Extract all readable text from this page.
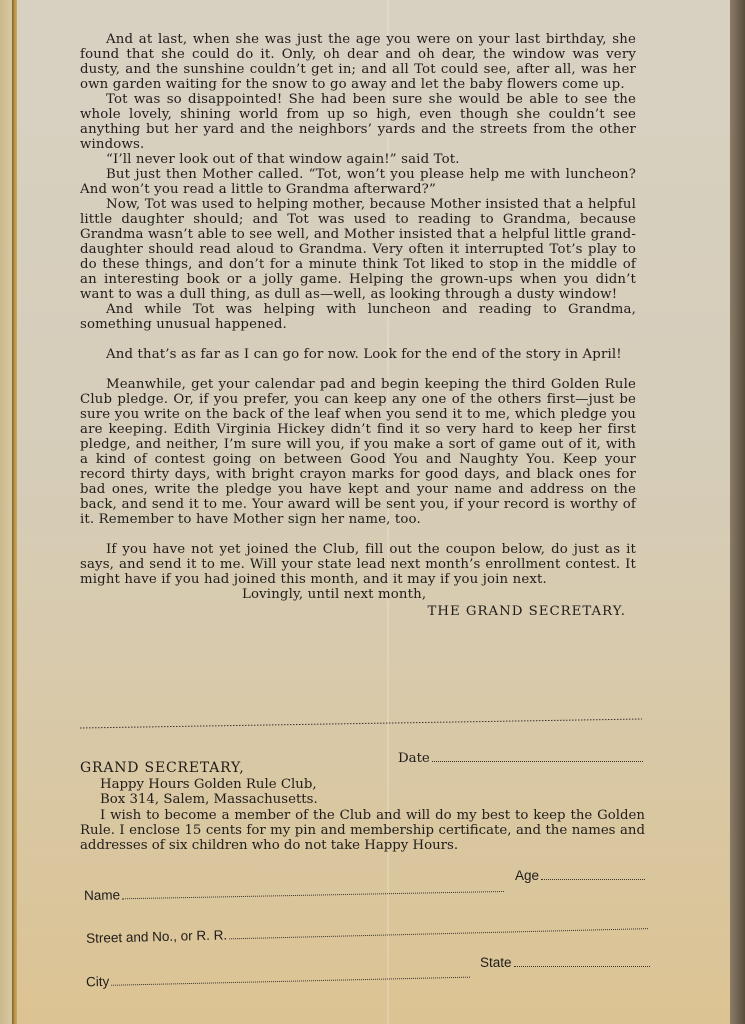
And at last, when she was just the age you were on your last birthday, she found that she could do it. Only, oh dear and oh dear, the window was very dusty, and the sunshine couldn’t get in; and all Tot could see, after all, was her own garden waiting for the snow to go away and let the baby flowers come up.

Tot was so disappointed! She had been sure she would be able to see the whole lovely, shining world from up so high, even though she couldn’t see anything but her yard and the neighbors’ yards and the streets from the other windows.

“I’ll never look out of that window again!” said Tot.

But just then Mother called. “Tot, won’t you please help me with luncheon? And won’t you read a little to Grandma afterward?”

Now, Tot was used to helping mother, because Mother insisted that a helpful little daughter should; and Tot was used to reading to Grandma, because Grandma wasn’t able to see well, and Mother insisted that a helpful little grand-daughter should read aloud to Grandma. Very often it interrupted Tot’s play to do these things, and don’t for a minute think Tot liked to stop in the middle of an interesting book or a jolly game. Helping the grown-ups when you didn’t want to was a dull thing, as dull as—well, as looking through a dusty window!

And while Tot was helping with luncheon and reading to Grandma, something unusual happened.

And that’s as far as I can go for now. Look for the end of the story in April!

Meanwhile, get your calendar pad and begin keeping the third Golden Rule Club pledge. Or, if you prefer, you can keep any one of the others first—just be sure you write on the back of the leaf when you send it to me, which pledge you are keeping. Edith Virginia Hickey didn’t find it so very hard to keep her first pledge, and neither, I’m sure will you, if you make a sort of game out of it, with a kind of contest going on between Good You and Naughty You. Keep your record thirty days, with bright crayon marks for good days, and black ones for bad ones, write the pledge you have kept and your name and address on the back, and send it to me. Your award will be sent you, if your record is worthy of it. Remember to have Mother sign her name, too.

If you have not yet joined the Club, fill out the coupon below, do just as it says, and send it to me. Will your state lead next month’s enrollment contest. It might have if you had joined this month, and it may if you join next.

Lovingly, until next month,

THE GRAND SECRETARY.

Date
GRAND SECRETARY,
Happy Hours Golden Rule Club,
Box 314, Salem, Massachusetts.
I wish to become a member of the Club and will do my best to keep the Golden Rule. I enclose 15 cents for my pin and membership certificate, and the names and addresses of six children who do not take Happy Hours.
Name
Age
Street and No., or R. R.
City
State
